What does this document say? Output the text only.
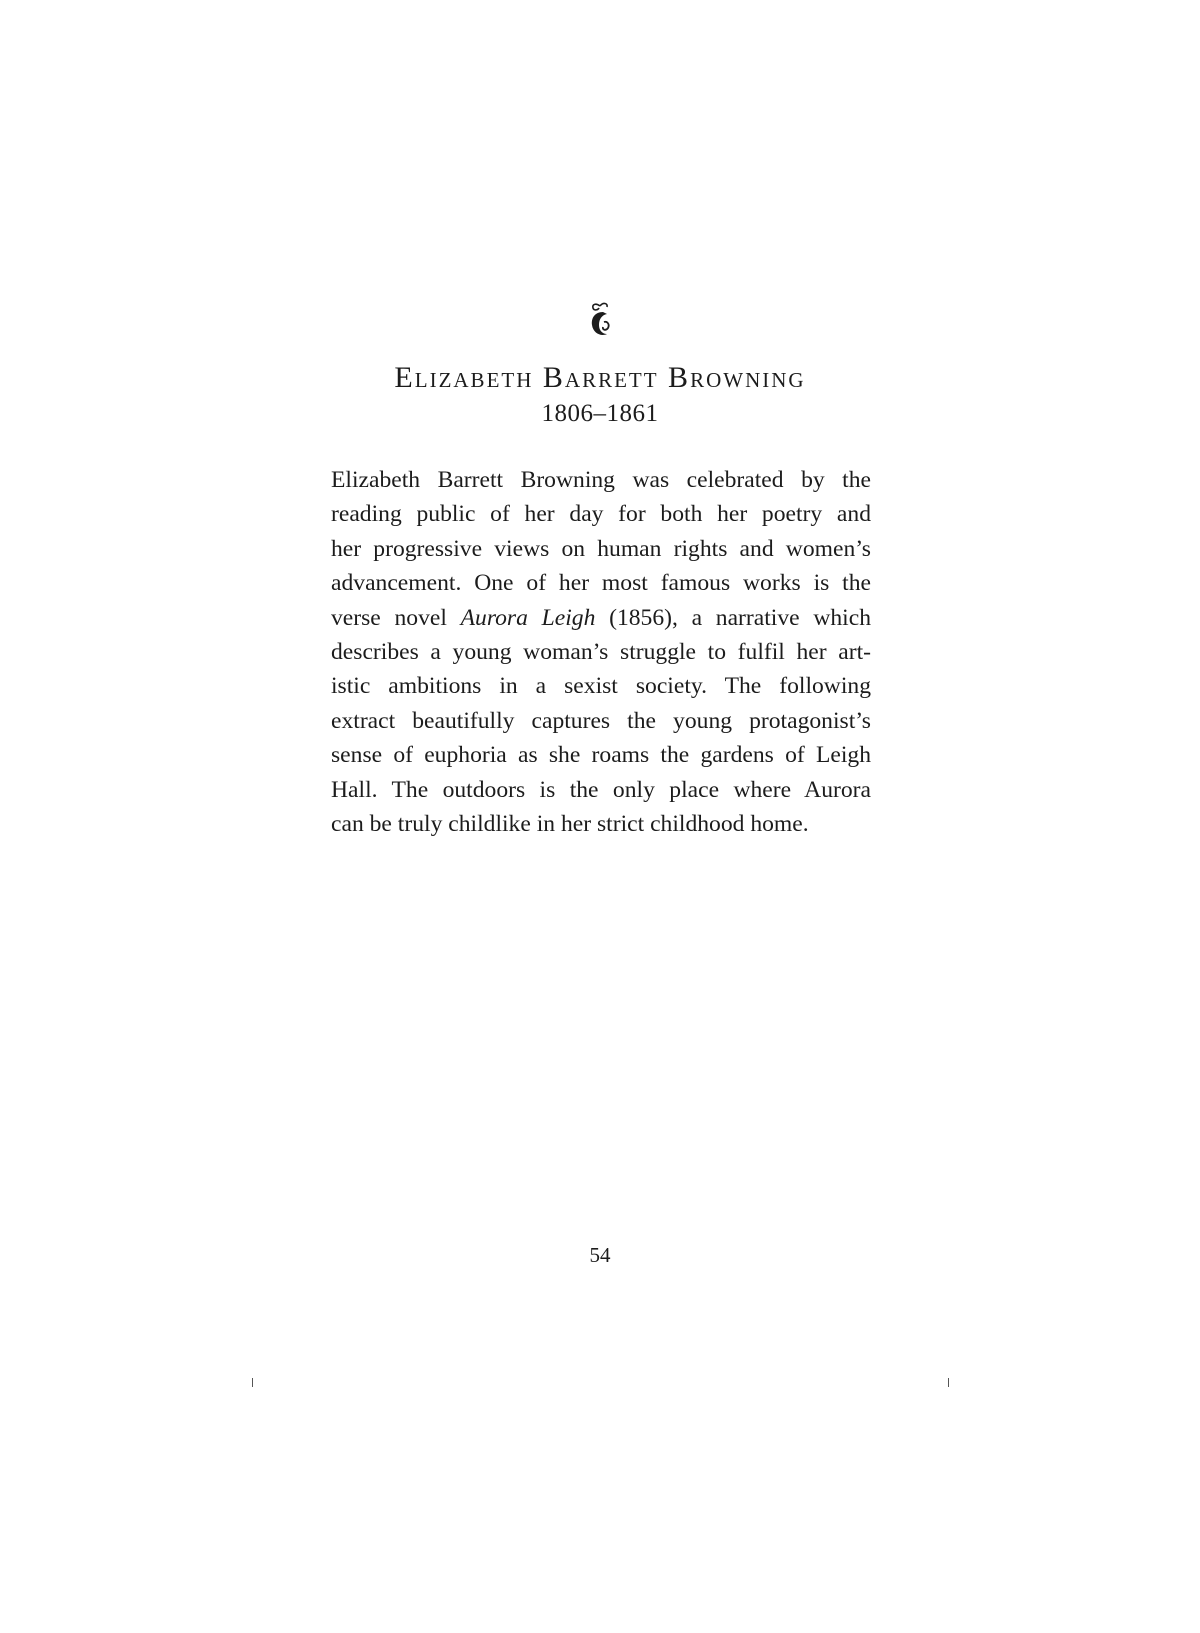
Elizabeth Barrett Browning
1806–1861
Elizabeth Barrett Browning was celebrated by the
reading public of her day for both her poetry and
her progressive views on human rights and women’s
advancement. One of her most famous works is the
verse novel Aurora Leigh (1856), a narrative which
describes a young woman’s struggle to fulfil her art-
istic ambitions in a sexist society. The following
extract beautifully captures the young protagonist’s
sense of euphoria as she roams the gardens of Leigh
Hall. The outdoors is the only place where Aurora
can be truly childlike in her strict childhood home.
54
